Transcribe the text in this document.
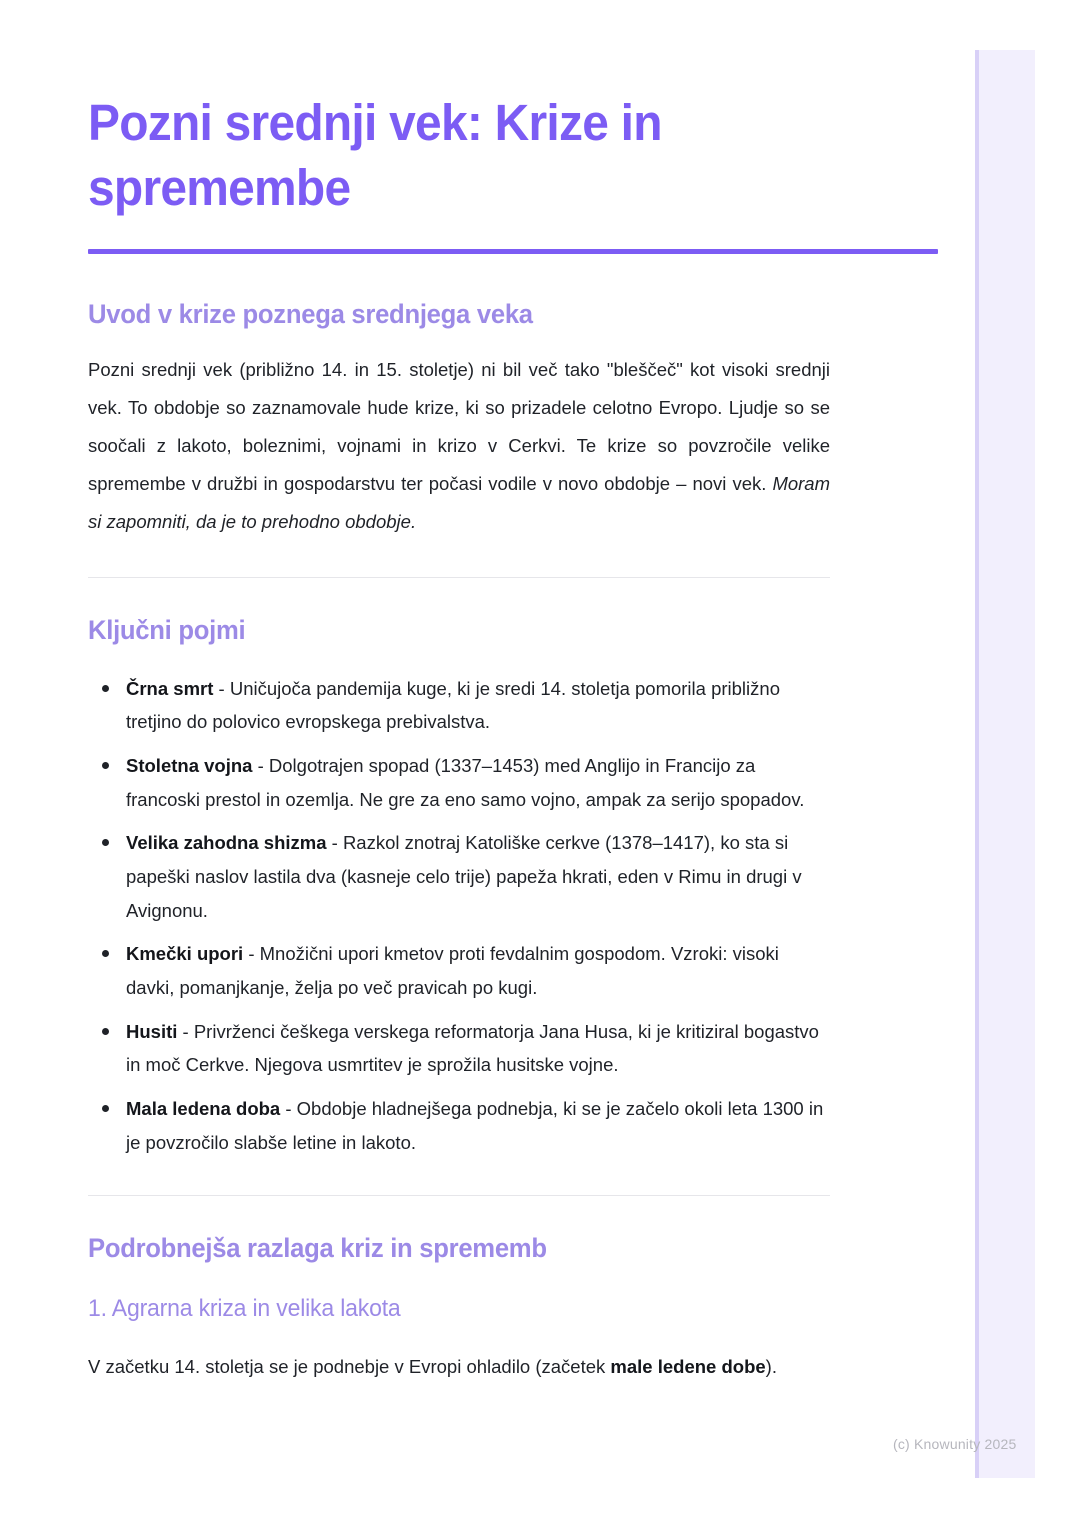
Pozni srednji vek: Krize in spremembe
Uvod v krize poznega srednjega veka

Pozni srednji vek (približno 14. in 15. stoletje) ni bil več tako "bleščeč" kot visoki srednji vek. To obdobje so zaznamovale hude krize, ki so prizadele celotno Evropo. Ljudje so se soočali z lakoto, boleznimi, vojnami in krizo v Cerkvi. Te krize so povzročile velike spremembe v družbi in gospodarstvu ter počasi vodile v novo obdobje – novi vek. Moram si zapomniti, da je to prehodno obdobje.

Ključni pojmi
Črna smrt - Uničujoča pandemija kuge, ki je sredi 14. stoletja pomorila približno tretjino do polovico evropskega prebivalstva.
Stoletna vojna - Dolgotrajen spopad (1337–1453) med Anglijo in Francijo za francoski prestol in ozemlja. Ne gre za eno samo vojno, ampak za serijo spopadov.
Velika zahodna shizma - Razkol znotraj Katoliške cerkve (1378–1417), ko sta si papeški naslov lastila dva (kasneje celo trije) papeža hkrati, eden v Rimu in drugi v Avignonu.
Kmečki upori - Množični upori kmetov proti fevdalnim gospodom. Vzroki: visoki davki, pomanjkanje, želja po več pravicah po kugi.
Husiti - Privrženci češkega verskega reformatorja Jana Husa, ki je kritiziral bogastvo in moč Cerkve. Njegova usmrtitev je sprožila husitske vojne.
Mala ledena doba - Obdobje hladnejšega podnebja, ki se je začelo okoli leta 1300 in je povzročilo slabše letine in lakoto.
Podrobnejša razlaga kriz in sprememb
1. Agrarna kriza in velika lakota

V začetku 14. stoletja se je podnebje v Evropi ohladilo (začetek male ledene dobe).

(c) Knowunity 2025
